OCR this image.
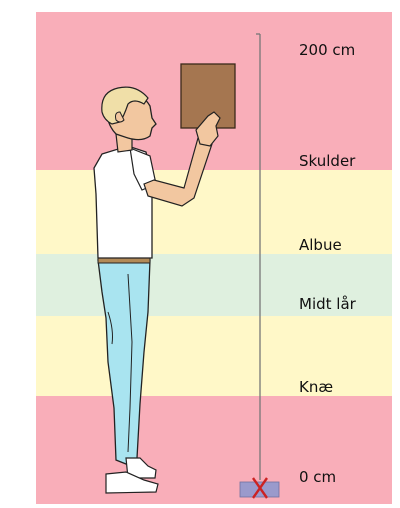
200 cm
Skulder
Albue
Midt lår
Knæ
0 cm
